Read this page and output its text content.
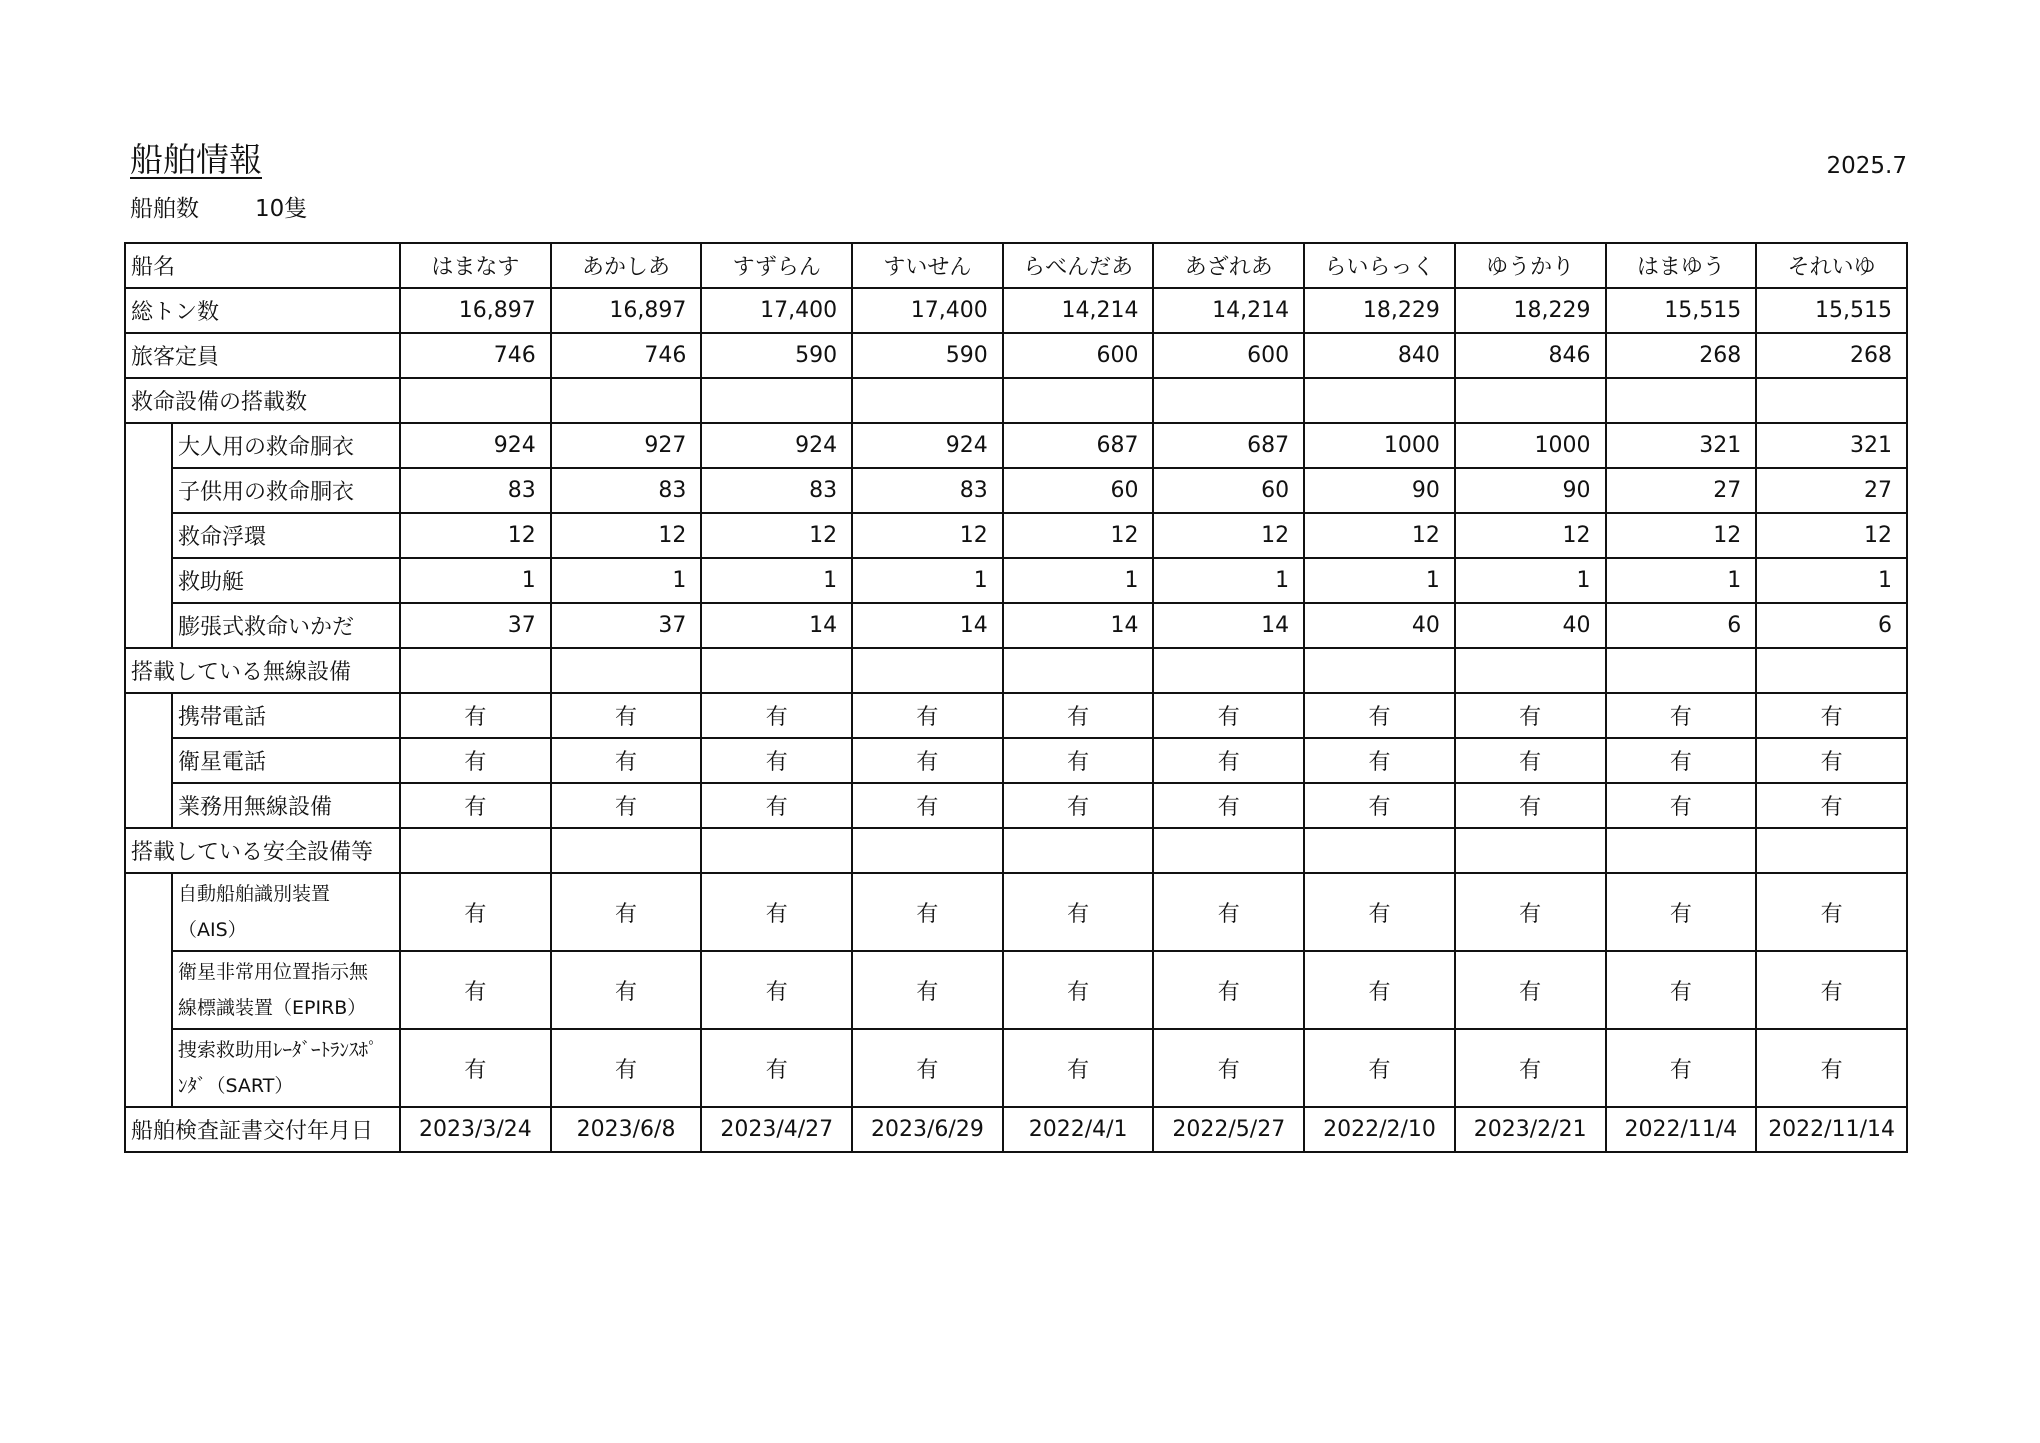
船舶情報	2025.7
船舶数 10隻
船名		はまなす	あかしあ	すずらん	すいせん	らべんだあ	あざれあ	らいらっく	ゆうかり	はまゆう	それいゆ
総トン数		16,897	16,897	17,400	17,400	14,214	14,214	18,229	18,229	15,515	15,515
旅客定員		746	746	590	590	600	600	840	846	268	268
救命設備の搭載数											
	大人用の救命胴衣	924	927	924	924	687	687	1000	1000	321	321
	子供用の救命胴衣	83	83	83	83	60	60	90	90	27	27
	救命浮環	12	12	12	12	12	12	12	12	12	12
	救助艇	1	1	1	1	1	1	1	1	1	1
	膨張式救命いかだ	37	37	14	14	14	14	40	40	6	6
搭載している無線設備											
	携帯電話	有	有	有	有	有	有	有	有	有	有
	衛星電話	有	有	有	有	有	有	有	有	有	有
	業務用無線設備	有	有	有	有	有	有	有	有	有	有
搭載している安全設備等											
	自動船舶識別装置（AIS）	有	有	有	有	有	有	有	有	有	有
	衛星非常用位置指示無線標識装置（EPIRB）	有	有	有	有	有	有	有	有	有	有
	捜索救助用ﾚｰﾀﾞｰﾄﾗﾝｽﾎﾟﾝﾀﾞ（SART）	有	有	有	有	有	有	有	有	有	有
船舶検査証書交付年月日		2023/3/24	2023/6/8	2023/4/27	2023/6/29	2022/4/1	2022/5/27	2022/2/10	2023/2/21	2022/11/4	2022/11/14
